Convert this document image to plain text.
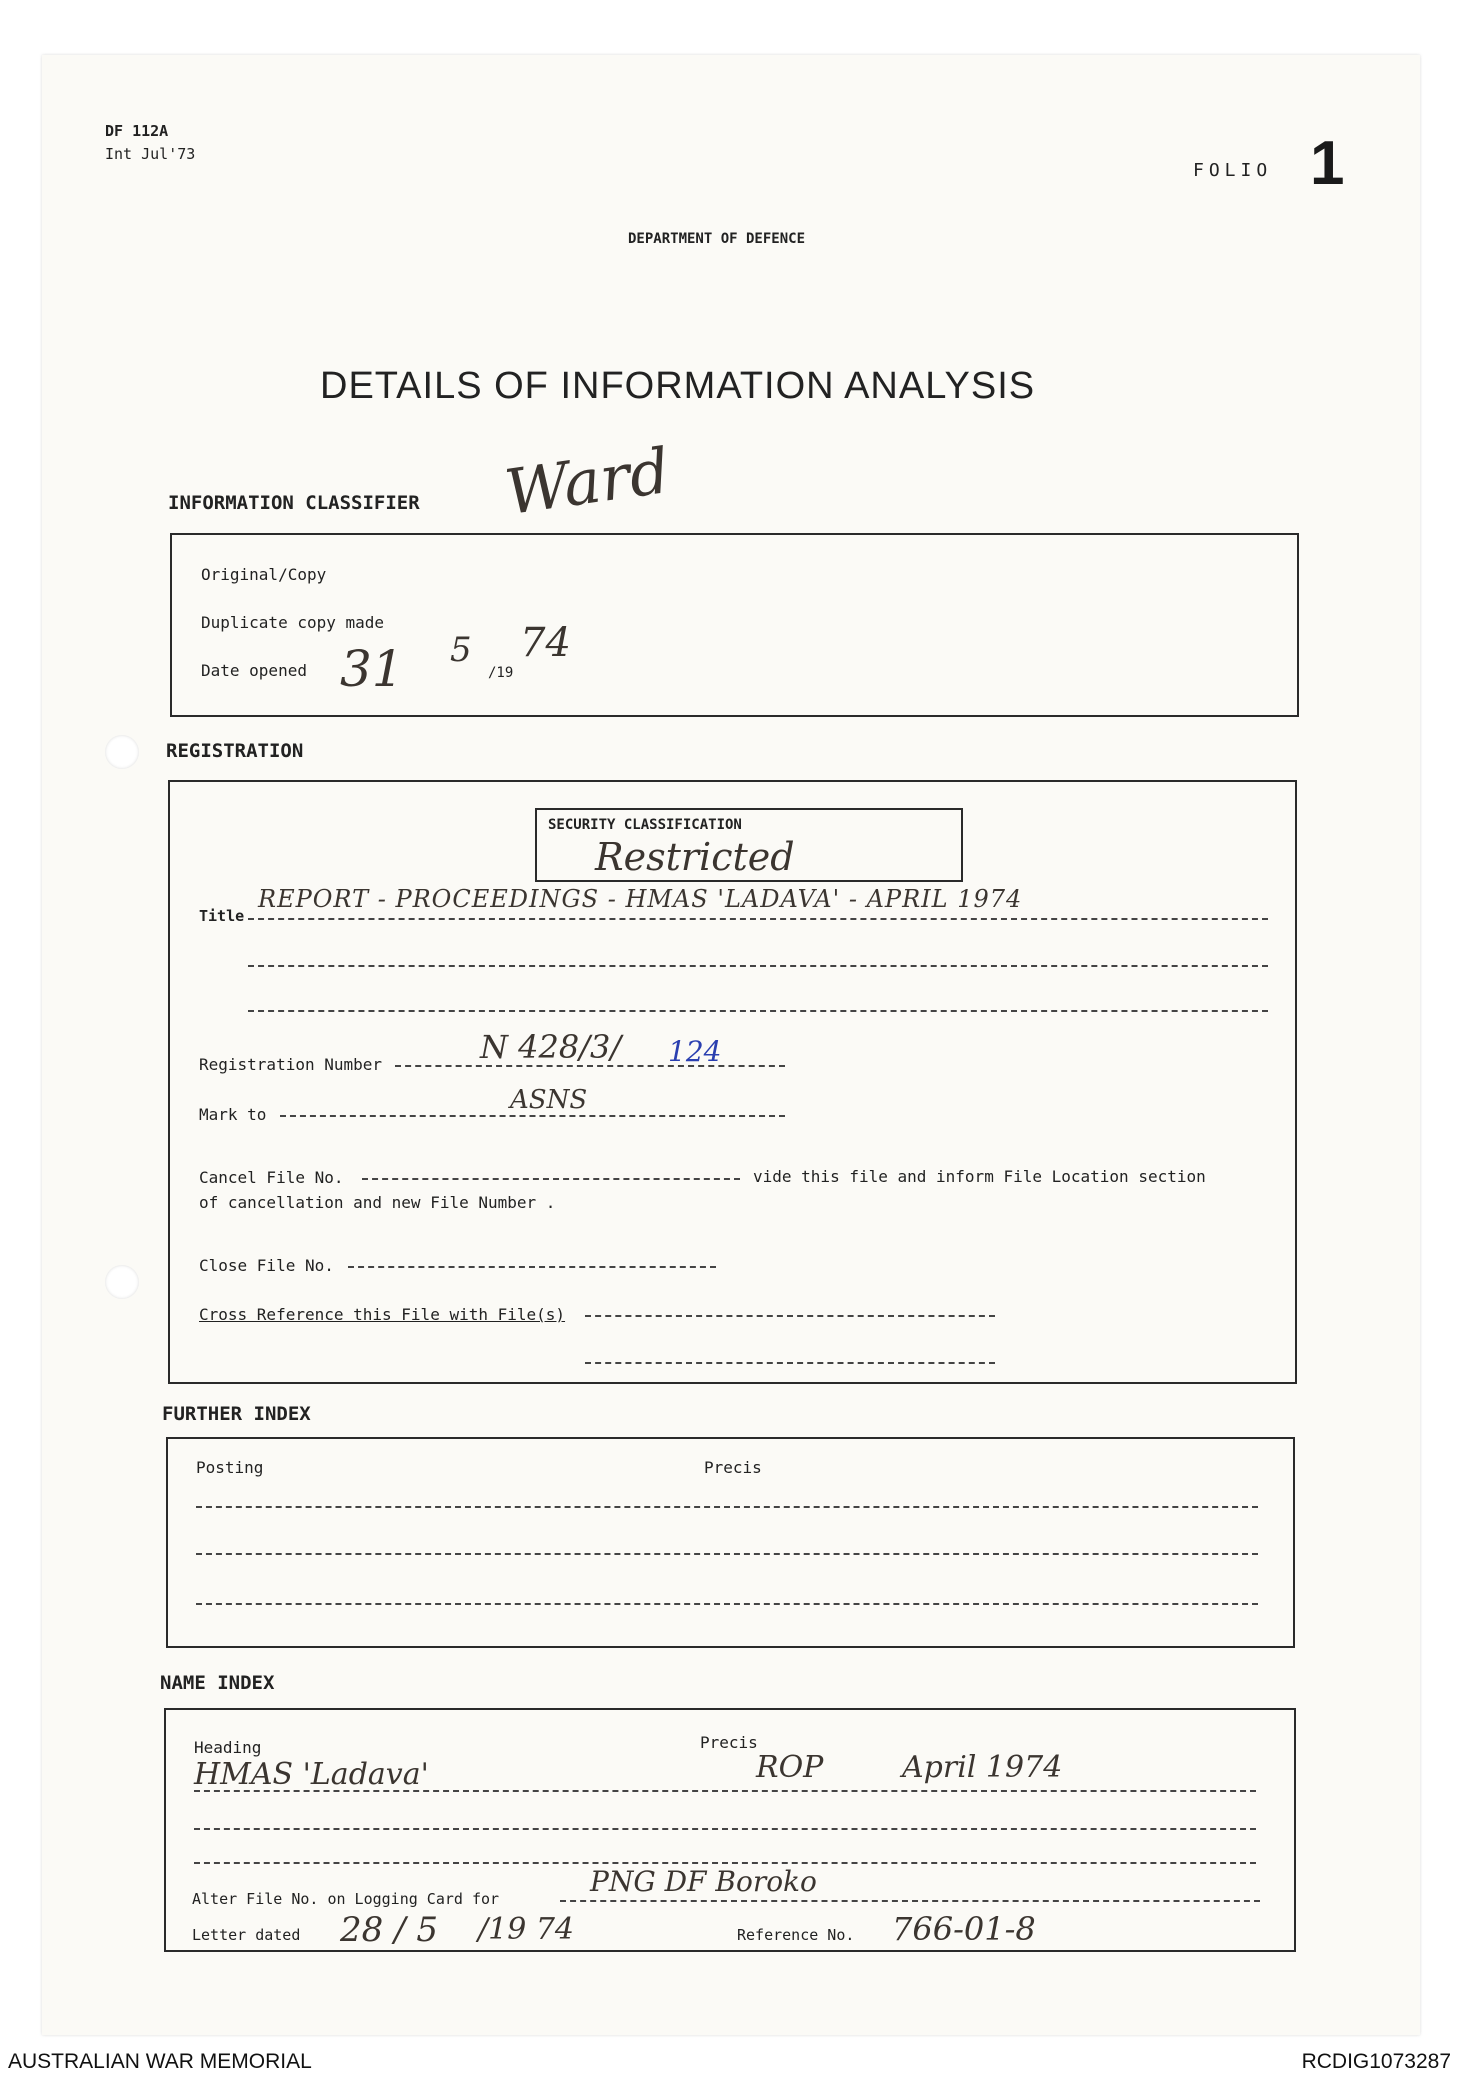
DF 112A
Int Jul'73
FOLIO 1
DEPARTMENT OF DEFENCE
DETAILS OF INFORMATION ANALYSIS
INFORMATION CLASSIFIER Ward
Original/Copy
Duplicate copy made
Date opened 31 5
/19
74
REGISTRATION
SECURITY CLASSIFICATION
Restricted
Title
REPORT - PROCEEDINGS - HMAS 'LADAVA' - APRIL 1974
Registration Number	N 428/3/ 124
Mark to	ASNS
Cancel File No.	vide this file and inform File Location section
of cancellation and new File Number .
Close File No.
Cross Reference this File with File(s)
FURTHER INDEX
Posting	Precis
NAME INDEX
Heading	Precis
HMAS 'Ladava'	ROP	April 1974
Alter File No. on Logging Card for
PNG DF Boroko
Letter dated 28 / 5 /19 74	Reference No. 766-01-8
AUSTRALIAN WAR MEMORIAL	RCDIG1073287
